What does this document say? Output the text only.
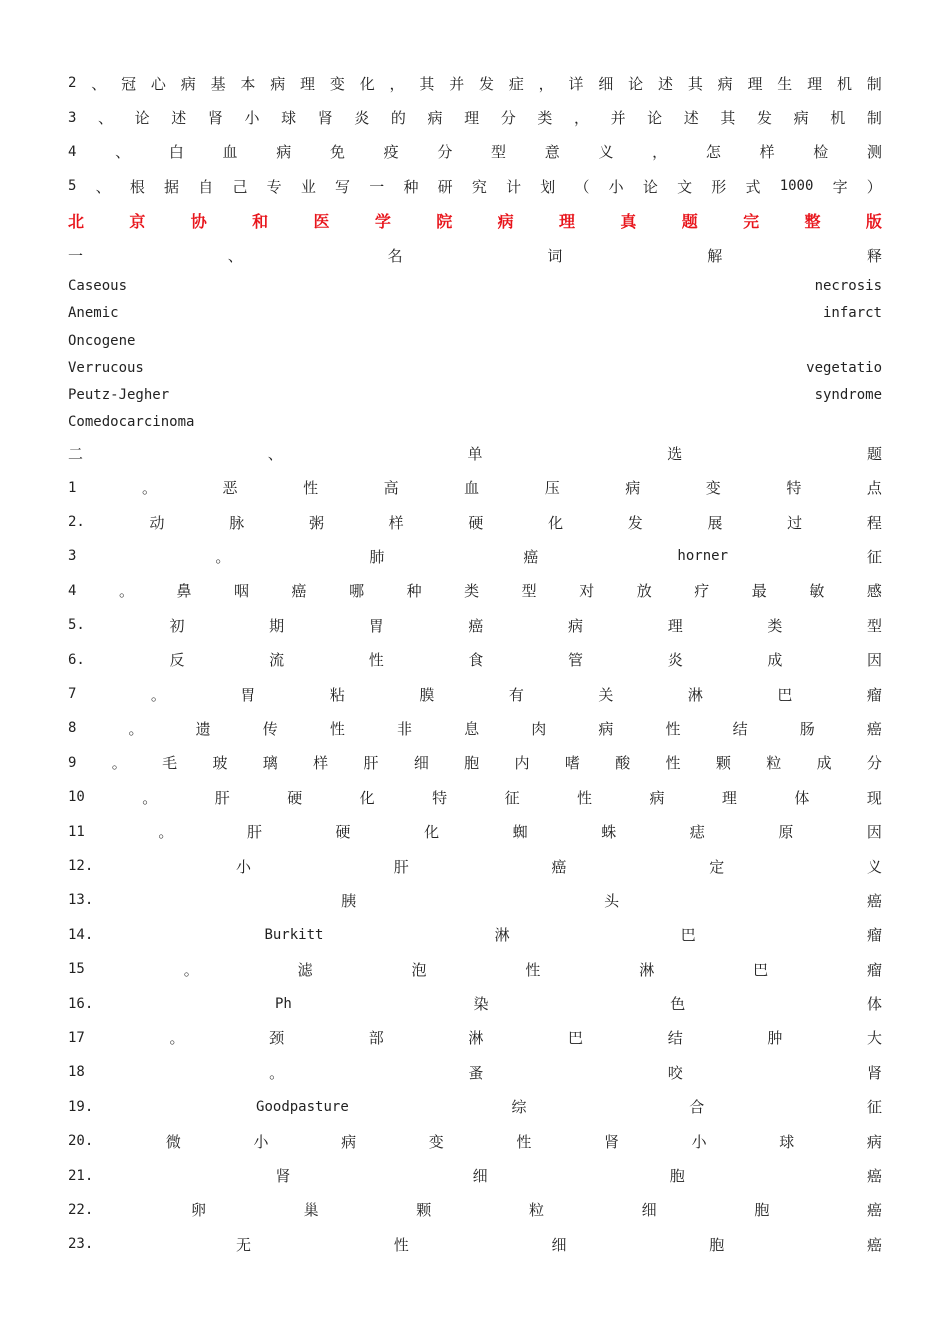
2 、 冠 心 病 基 本 病 理 变 化 ， 其 并 发 症 ， 详 细 论 述 其 病 理 生 理 机 制
3 、 论 述 肾 小 球 肾 炎 的 病 理 分 类 ， 并 论 述 其 发 病 机 制
4	、	白	血	病	免	疫	分	型	意	义	，	怎	样	检	测
5 、 根 据 自 己 专 业 写 一 种 研 究 计 划 （ 小 论 文 形 式 1000 字 ）
北	京	协	和	医	学	院	病	理	真	题	完	整	版
一	、	名	词	解	释
Caseous	necrosis
Anemic	infarct
Oncogene
Verrucous	vegetatio
Peutz-Jegher	syndrome
Comedocarcinoma
二	、	单	选	题
1	。	恶	性	高	血	压	病	变	特	点
2.	动	脉	粥	样	硬	化	发	展	过	程
3	。	肺	癌	horner	征
4	。	鼻	咽	癌	哪	种	类	型	对	放	疗	最	敏	感
5.	初	期	胃	癌	病	理	类	型
6.	反	流	性	食	管	炎	成	因
7	。	胃	粘	膜	有	关	淋	巴	瘤
8	。	遗	传	性	非	息	肉	病	性	结	肠	癌
9 。 毛 玻 璃 样 肝 细 胞 内 嗜 酸 性 颗 粒 成 分
10	。	肝	硬	化	特	征	性	病	理	体	现
11	。	肝	硬	化	蜘	蛛	痣	原	因
12.	小	肝	癌	定	义
13.	胰	头	癌
14.	Burkitt	淋	巴	瘤
15	。	滤	泡	性	淋	巴	瘤
16.	Ph	染	色	体
17	。	颈	部	淋	巴	结	肿	大
18	。	蚤	咬	肾
19.	Goodpasture	综	合	征
20.	微	小	病	变	性	肾	小	球	病
21.	肾	细	胞	癌
22.	卵	巢	颗	粒	细	胞	癌
23.	无	性	细	胞	癌
